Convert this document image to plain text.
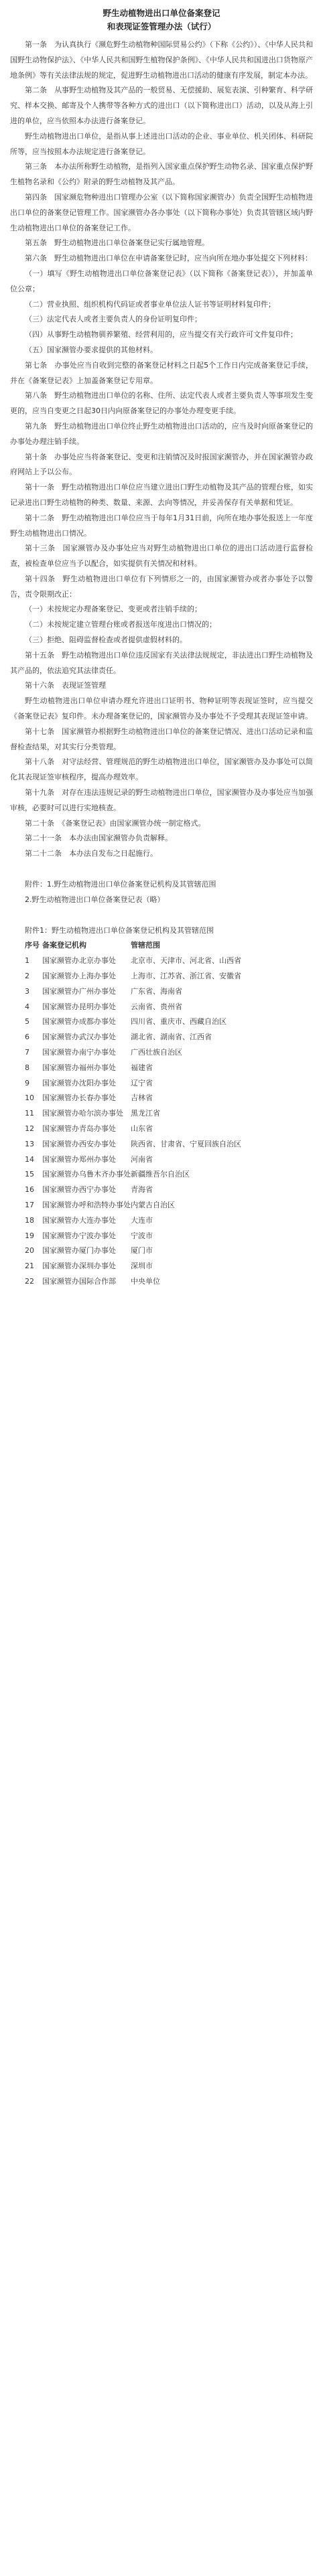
野生动植物进出口单位备案登记
和表现证签管理办法（试行）

第一条　为认真执行《濒危野生动植物种国际贸易公约》（下称《公约》）、《中华人民共和国野生动物保护法》、《中华人民共和国野生植物保护条例》、《中华人民共和国进出口货物原产地条例》等有关法律法规的规定，促进野生动植物进出口活动的健康有序发展，制定本办法。

第二条　从事野生动植物及其产品的一般贸易、无偿援助、展览表演、引种繁育、科学研究、样本交换、邮寄及个人携带等各种方式的进出口（以下简称进出口）活动，以及从海上引进的单位，应当依照本办法进行备案登记。

野生动植物进出口单位，是指从事上述进出口活动的企业、事业单位、机关团体、科研院所等，应当按照本办法规定进行备案登记。

第三条　本办法所称野生动植物，是指列入国家重点保护野生动物名录、国家重点保护野生植物名录和《公约》附录的野生动植物及其产品。

第四条　国家濒危物种进出口管理办公室（以下简称国家濒管办）负责全国野生动植物进出口单位的备案登记管理工作。国家濒管办各办事处（以下简称办事处）负责其管辖区域内野生动植物进出口单位的备案登记工作。

第五条　野生动植物进出口单位备案登记实行属地管理。

第六条　野生动植物进出口单位在申请备案登记时，应当向所在地办事处提交下列材料：

（一）填写《野生动植物进出口单位备案登记表》（以下简称《备案登记表》），并加盖单位公章；

（二）营业执照、组织机构代码证或者事业单位法人证书等证明材料复印件；

（三）法定代表人或者主要负责人的身份证明复印件；

（四）从事野生动植物驯养繁殖、经营利用的，应当提交有关行政许可文件复印件；

（五）国家濒管办要求提供的其他材料。

第七条　办事处应当自收到完整的备案登记材料之日起5个工作日内完成备案登记手续，并在《备案登记表》上加盖备案登记专用章。

第八条　野生动植物进出口单位的名称、住所、法定代表人或者主要负责人等事项发生变更的，应当自变更之日起30日内向原备案登记的办事处办理变更手续。

第九条　野生动植物进出口单位终止野生动植物进出口活动的，应当及时向原备案登记的办事处办理注销手续。

第十条　办事处应当将备案登记、变更和注销情况及时报国家濒管办，并在国家濒管办政府网站上予以公布。

第十一条　野生动植物进出口单位应当建立进出口野生动植物及其产品的管理台账，如实记录进出口野生动植物的种类、数量、来源、去向等情况，并妥善保存有关单据和凭证。

第十二条　野生动植物进出口单位应当于每年1月31日前，向所在地办事处报送上一年度野生动植物进出口情况。

第十三条　国家濒管办及办事处应当对野生动植物进出口单位的进出口活动进行监督检查，被检查单位应当予以配合，如实提供有关情况和材料。

第十四条　野生动植物进出口单位有下列情形之一的，由国家濒管办或者办事处予以警告，责令限期改正：

（一）未按规定办理备案登记、变更或者注销手续的；

（二）未按规定建立管理台账或者报送年度进出口情况的；

（三）拒绝、阻碍监督检查或者提供虚假材料的。

第十五条　野生动植物进出口单位违反国家有关法律法规规定，非法进出口野生动植物及其产品的，依法追究其法律责任。

第十六条　表现证签管理

野生动植物进出口单位申请办理允许进出口证明书、物种证明等表现证签时，应当提交《备案登记表》复印件。未办理备案登记的，国家濒管办及办事处不予受理其表现证签申请。

第十七条　国家濒管办根据野生动植物进出口单位的备案登记情况、进出口活动记录和监督检查结果，对其实行分类管理。

第十八条　对守法经营、管理规范的野生动植物进出口单位，国家濒管办及办事处可以简化其表现证签审核程序，提高办理效率。

第十九条　对存在违法违规记录的野生动植物进出口单位，国家濒管办及办事处应当加强审核，必要时可以进行实地核查。

第二十条　《备案登记表》由国家濒管办统一制定格式。

第二十一条　本办法由国家濒管办负责解释。

第二十二条　本办法自发布之日起施行。

附件：1.野生动植物进出口单位备案登记机构及其管辖范围

2.野生动植物进出口单位备案登记表（略）

附件1：野生动植物进出口单位备案登记机构及其管辖范围

序号 备案登记机构	管辖范围
1	国家濒管办北京办事处	北京市、天津市、河北省、山西省
2	国家濒管办上海办事处	上海市、江苏省、浙江省、安徽省
3	国家濒管办广州办事处	广东省、海南省
4	国家濒管办昆明办事处	云南省、贵州省
5	国家濒管办成都办事处	四川省、重庆市、西藏自治区
6	国家濒管办武汉办事处	湖北省、湖南省、江西省
7	国家濒管办南宁办事处	广西壮族自治区
8	国家濒管办福州办事处	福建省
9	国家濒管办沈阳办事处	辽宁省
10	国家濒管办长春办事处	吉林省
11	国家濒管办哈尔滨办事处	黑龙江省
12	国家濒管办青岛办事处	山东省
13	国家濒管办西安办事处	陕西省、甘肃省、宁夏回族自治区
14	国家濒管办郑州办事处	河南省
15	国家濒管办乌鲁木齐办事处 新疆维吾尔自治区
16	国家濒管办西宁办事处	青海省
17	国家濒管办呼和浩特办事处 内蒙古自治区
18	国家濒管办大连办事处	大连市
19	国家濒管办宁波办事处	宁波市
20	国家濒管办厦门办事处	厦门市
21	国家濒管办深圳办事处	深圳市
22	国家濒管办国际合作部	中央单位
